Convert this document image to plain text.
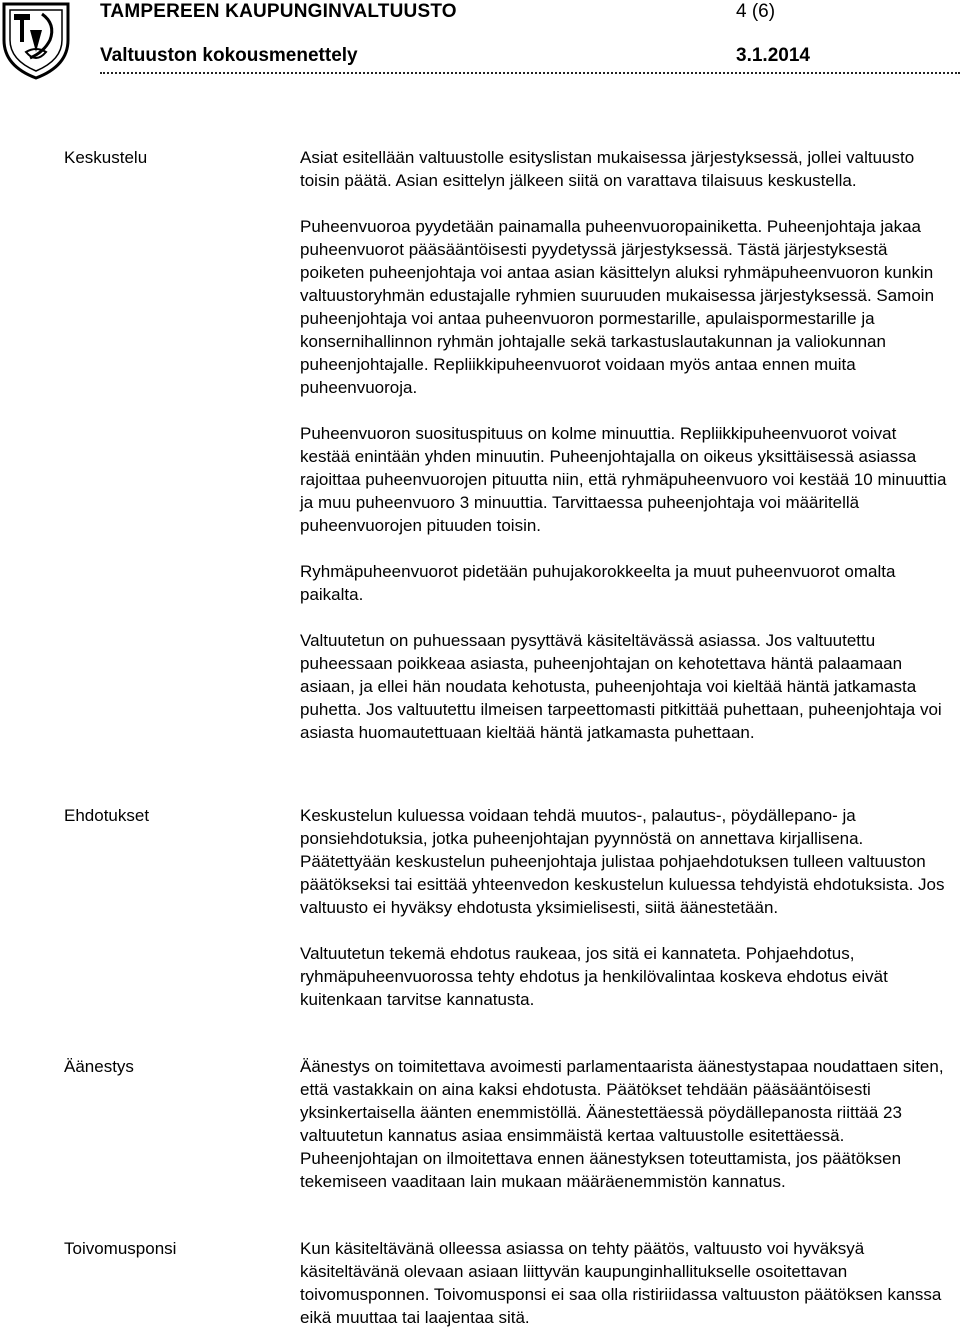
TAMPEREEN KAUPUNGINVALTUUSTO	4 (6)
Valtuuston kokousmenettely	3.1.2014
Keskustelu	Asiat esitellään valtuustolle esityslistan mukaisessa järjestyksessä, jollei valtuusto toisin päätä. Asian esittelyn jälkeen siitä on varattava tilaisuus keskustella.

Puheenvuoroa pyydetään painamalla puheenvuoropainiketta. Puheenjohtaja jakaa puheenvuorot pääsääntöisesti pyydetyssä järjestyksessä. Tästä järjestyksestä poiketen puheenjohtaja voi antaa asian käsittelyn aluksi ryhmäpuheenvuoron kunkin valtuustoryhmän edustajalle ryhmien suuruuden mukaisessa järjestyksessä. Samoin puheenjohtaja voi antaa puheenvuoron pormestarille, apulaispormestarille ja konsernihallinnon ryhmän johtajalle sekä tarkastuslautakunnan ja valiokunnan puheenjohtajalle. Repliikkipuheenvuorot voidaan myös antaa ennen muita puheenvuoroja.

Puheenvuoron suosituspituus on kolme minuuttia. Repliikkipuheenvuorot voivat kestää enintään yhden minuutin. Puheenjohtajalla on oikeus yksittäisessä asiassa rajoittaa puheenvuorojen pituutta niin, että ryhmäpuheenvuoro voi kestää 10 minuuttia ja muu puheenvuoro 3 minuuttia. Tarvittaessa puheenjohtaja voi määritellä puheenvuorojen pituuden toisin.

Ryhmäpuheenvuorot pidetään puhujakorokkeelta ja muut puheenvuorot omalta paikalta.

Valtuutetun on puhuessaan pysyttävä käsiteltävässä asiassa. Jos valtuutettu puheessaan poikkeaa asiasta, puheenjohtajan on kehotettava häntä palaamaan asiaan, ja ellei hän noudata kehotusta, puheenjohtaja voi kieltää häntä jatkamasta puhetta. Jos valtuutettu ilmeisen tarpeettomasti pitkittää puhettaan, puheenjohtaja voi asiasta huomautettuaan kieltää häntä jatkamasta puhettaan.

Ehdotukset	Keskustelun kuluessa voidaan tehdä muutos-, palautus-, pöydällepano- ja ponsiehdotuksia, jotka puheenjohtajan pyynnöstä on annettava kirjallisena. Päätettyään keskustelun puheenjohtaja julistaa pohjaehdotuksen tulleen valtuuston päätökseksi tai esittää yhteenvedon keskustelun kuluessa tehdyistä ehdotuksista. Jos valtuusto ei hyväksy ehdotusta yksimielisesti, siitä äänestetään.

Valtuutetun tekemä ehdotus raukeaa, jos sitä ei kannateta. Pohjaehdotus, ryhmäpuheenvuorossa tehty ehdotus ja henkilövalintaa koskeva ehdotus eivät kuitenkaan tarvitse kannatusta.

Äänestys	Äänestys on toimitettava avoimesti parlamentaarista äänestystapaa noudattaen siten, että vastakkain on aina kaksi ehdotusta. Päätökset tehdään pääsääntöisesti yksinkertaisella äänten enemmistöllä. Äänestettäessä pöydällepanosta riittää 23 valtuutetun kannatus asiaa ensimmäistä kertaa valtuustolle esitettäessä. Puheenjohtajan on ilmoitettava ennen äänestyksen toteuttamista, jos päätöksen tekemiseen vaaditaan lain mukaan määräenemmistön kannatus.

Toivomusponsi	Kun käsiteltävänä olleessa asiassa on tehty päätös, valtuusto voi hyväksyä käsiteltävänä olevaan asiaan liittyvän kaupunginhallitukselle osoitettavan toivomusponnen. Toivomusponsi ei saa olla ristiriidassa valtuuston päätöksen kanssa eikä muuttaa tai laajentaa sitä.
